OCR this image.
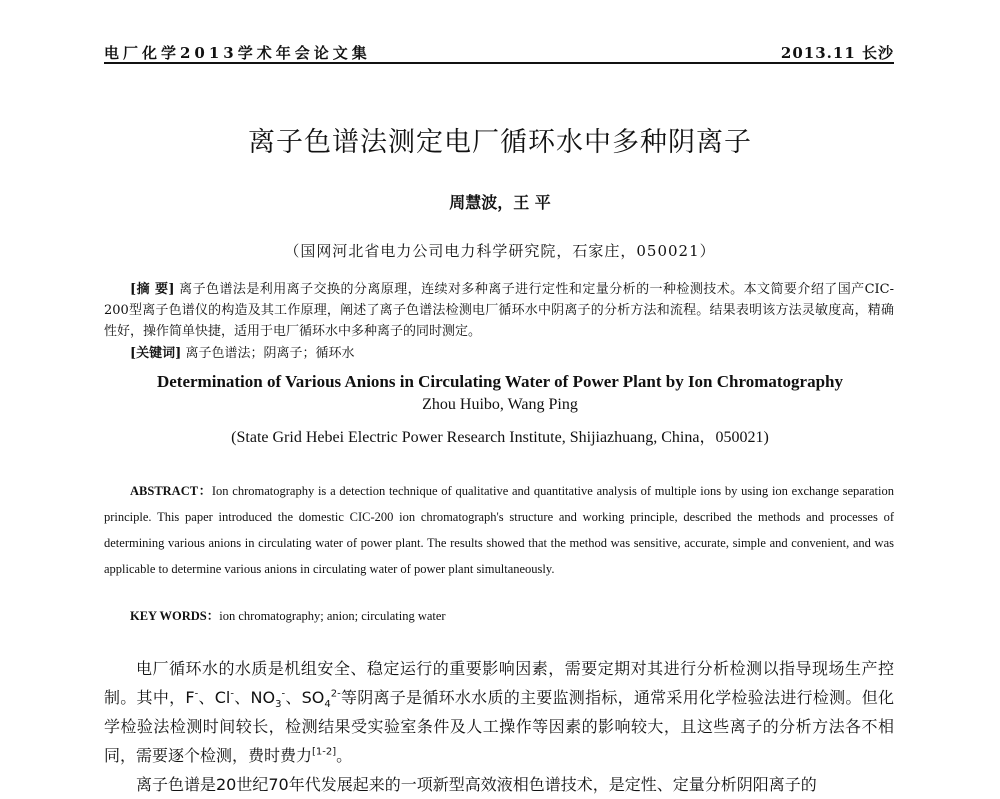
电厂化学2013学术年会论文集	2013.11 长沙
离子色谱法测定电厂循环水中多种阴离子
周慧波，王 平
（国网河北省电力公司电力科学研究院，石家庄，050021）

[摘 要] 离子色谱法是利用离子交换的分离原理，连续对多种离子进行定性和定量分析的一种检测技术。本文简要介绍了国产CIC-200型离子色谱仪的构造及其工作原理，阐述了离子色谱法检测电厂循环水中阴离子的分析方法和流程。结果表明该方法灵敏度高，精确性好，操作简单快捷，适用于电厂循环水中多种离子的同时测定。

[关键词] 离子色谱法；阴离子；循环水
Determination of Various Anions in Circulating Water of Power Plant by Ion Chromatography
Zhou Huibo, Wang Ping
(State Grid Hebei Electric Power Research Institute, Shijiazhuang, China，050021)
ABSTRACT：Ion chromatography is a detection technique of qualitative and quantitative analysis of multiple ions by using ion exchange separation principle. This paper introduced the domestic CIC-200 ion chromatograph's structure and working principle, described the methods and processes of determining various anions in circulating water of power plant. The results showed that the method was sensitive, accurate, simple and convenient, and was applicable to determine various anions in circulating water of power plant simultaneously.
KEY WORDS：ion chromatography; anion; circulating water

电厂循环水的水质是机组安全、稳定运行的重要影响因素，需要定期对其进行分析检测以指导现场生产控制。其中，F-、Cl-、$NO_3^-$、$SO_4^{2-}$等阴离子是循环水水质的主要监测指标，通常采用化学检验法进行检测。但化学检验法检测时间较长，检测结果受实验室条件及人工操作等因素的影响较大，且这些离子的分析方法各不相同，需要逐个检测，费时费力[1-2]。

离子色谱是20世纪70年代发展起来的一项新型高效液相色谱技术，是定性、定量分析阴阳离子的
